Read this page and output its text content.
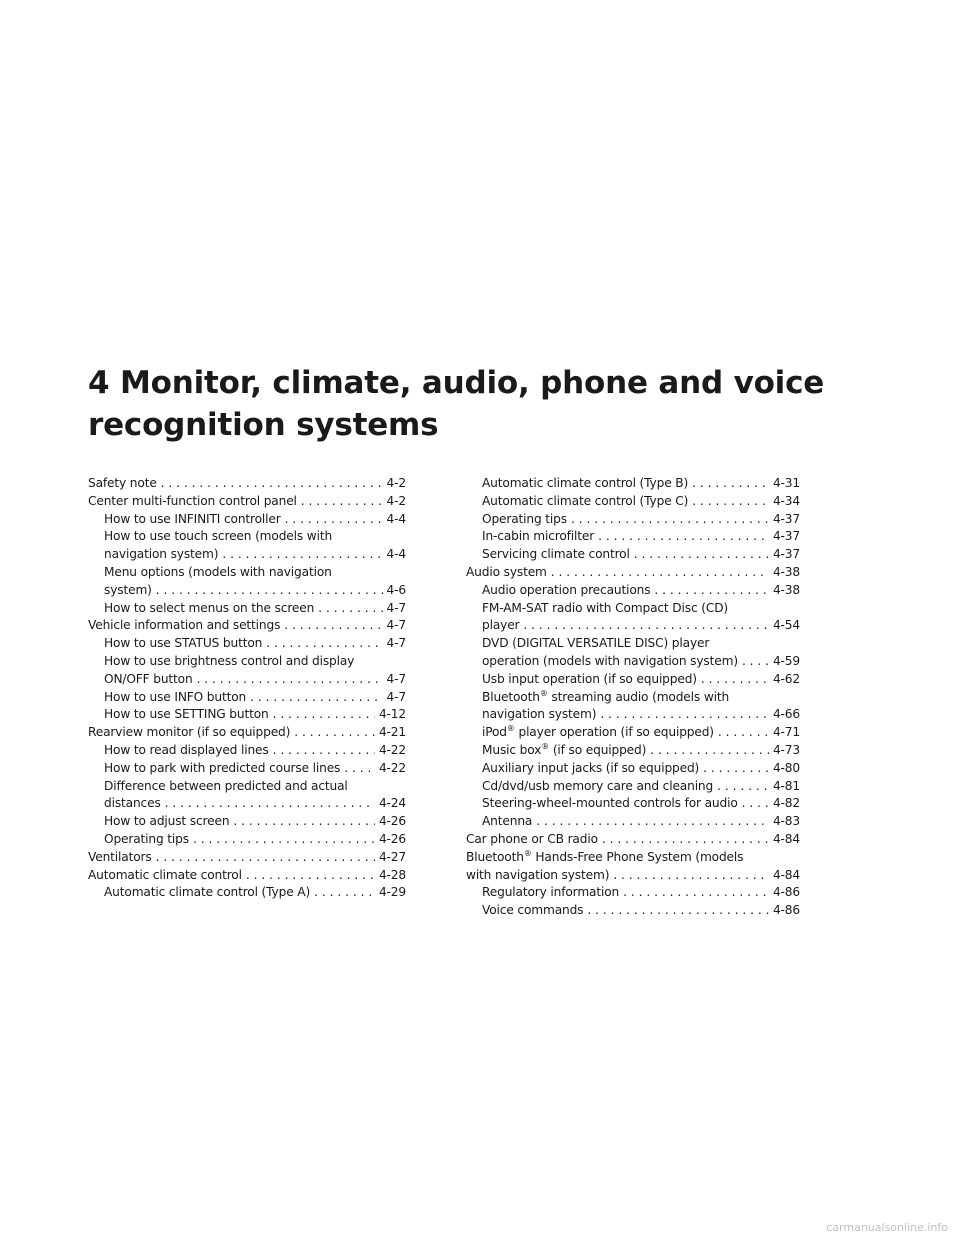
4 Monitor, climate, audio, phone and voice
recognition systems
Safety note . . .	4-2
Center multi-function control panel . . .	4-2
How to use INFINITI controller . . .	4-4
How to use touch screen (models with
navigation system) . . .	4-4
Menu options (models with navigation
system) . . .	4-6
How to select menus on the screen . . .	4-7
Vehicle information and settings . . .	4-7
How to use STATUS button . . .	4-7
How to use brightness control and display
ON/OFF button . . .	4-7
How to use INFO button . . .	4-7
How to use SETTING button . . .	4-12
Rearview monitor (if so equipped) . . .	4-21
How to read displayed lines . . .	4-22
How to park with predicted course lines . . .	4-22
Difference between predicted and actual
distances . . .	4-24
How to adjust screen . . .	4-26
Operating tips . . .	4-26
Ventilators . . .	4-27
Automatic climate control . . .	4-28
Automatic climate control (Type A) . . .	4-29
Automatic climate control (Type B) . . .	4-31
Automatic climate control (Type C) . . .	4-34
Operating tips . . .	4-37
In-cabin microfilter . . .	4-37
Servicing climate control . . .	4-37
Audio system . . .	4-38
Audio operation precautions . . .	4-38
FM-AM-SAT radio with Compact Disc (CD)
player . . .	4-54
DVD (DIGITAL VERSATILE DISC) player
operation (models with navigation system) . . .	4-59
Usb input operation (if so equipped) . . .	4-62
Bluetooth® streaming audio (models with
navigation system) . . .	4-66
iPod® player operation (if so equipped) . . .	4-71
Music box® (if so equipped) . . .	4-73
Auxiliary input jacks (if so equipped) . . .	4-80
Cd/dvd/usb memory care and cleaning . . .	4-81
Steering-wheel-mounted controls for audio . . .	4-82
Antenna . . .	4-83
Car phone or CB radio . . .	4-84
Bluetooth® Hands-Free Phone System (models
with navigation system) . . .	4-84
Regulatory information . . .	4-86
Voice commands . . .	4-86
carmanualsonline.info
